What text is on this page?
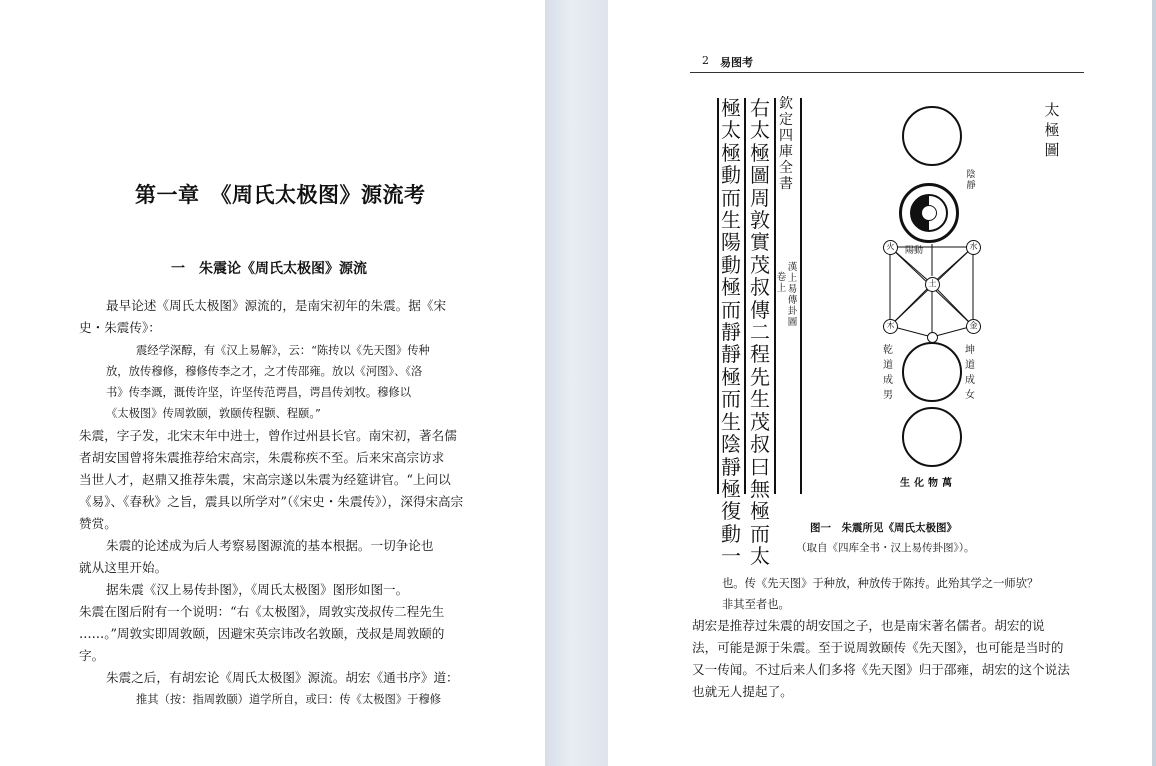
第一章　《周氏太极图》源流考
一　朱震论《周氏太极图》源流
最早论述《周氏太极图》源流的，是南宋初年的朱震。据《宋
史・朱震传》：
震经学深醇，有《汉上易解》，云：“陈抟以《先天图》传种
放，放传穆修，穆修传李之才，之才传邵雍。放以《河图》、《洛
书》传李溉，溉传许坚，许坚传范谔昌，谔昌传刘牧。穆修以
《太极图》传周敦颐，敦颐传程颢、程颐。”
朱震，字子发，北宋末年中进士，曾作过州县长官。南宋初，著名儒
者胡安国曾将朱震推荐给宋高宗，朱震称疾不至。后来宋高宗访求
当世人才，赵鼎又推荐朱震，宋高宗遂以朱震为经筵讲官。“上问以
《易》、《春秋》之旨，震具以所学对”（《宋史・朱震传》），深得宋高宗
赞赏。
朱震的论述成为后人考察易图源流的基本根据。一切争论也
就从这里开始。
据朱震《汉上易传卦图》，《周氏太极图》图形如图一。
朱震在图后附有一个说明：“右《太极图》，周敦实茂叔传二程先生
……。”周敦实即周敦颐，因避宋英宗讳改名敦颐，茂叔是周敦颐的
字。
朱震之后，有胡宏论《周氏太极图》源流。胡宏《通书序》道：
推其（按：指周敦颐）道学所自，或曰：传《太极图》于穆修
2 易图考
欽定四庫全書
漢上易傳卦圖
卷上
右太極圖周敦實茂叔傳二程先生茂叔曰無極而太
極太極動而生陽動極而靜靜極而生陰靜極復動一
太極圖
陰靜
陽動
火	水
土
木	金
乾道成男
坤道成女
萬物化生
图一　朱震所见《周氏太极图》
（取自《四库全书・汉上易传卦图》）。
也。传《先天图》于种放，种放传于陈抟。此殆其学之一师欤？
非其至者也。
胡宏是推荐过朱震的胡安国之子，也是南宋著名儒者。胡宏的说
法，可能是源于朱震。至于说周敦颐传《先天图》，也可能是当时的
又一传闻。不过后来人们多将《先天图》归于邵雍，胡宏的这个说法
也就无人提起了。
